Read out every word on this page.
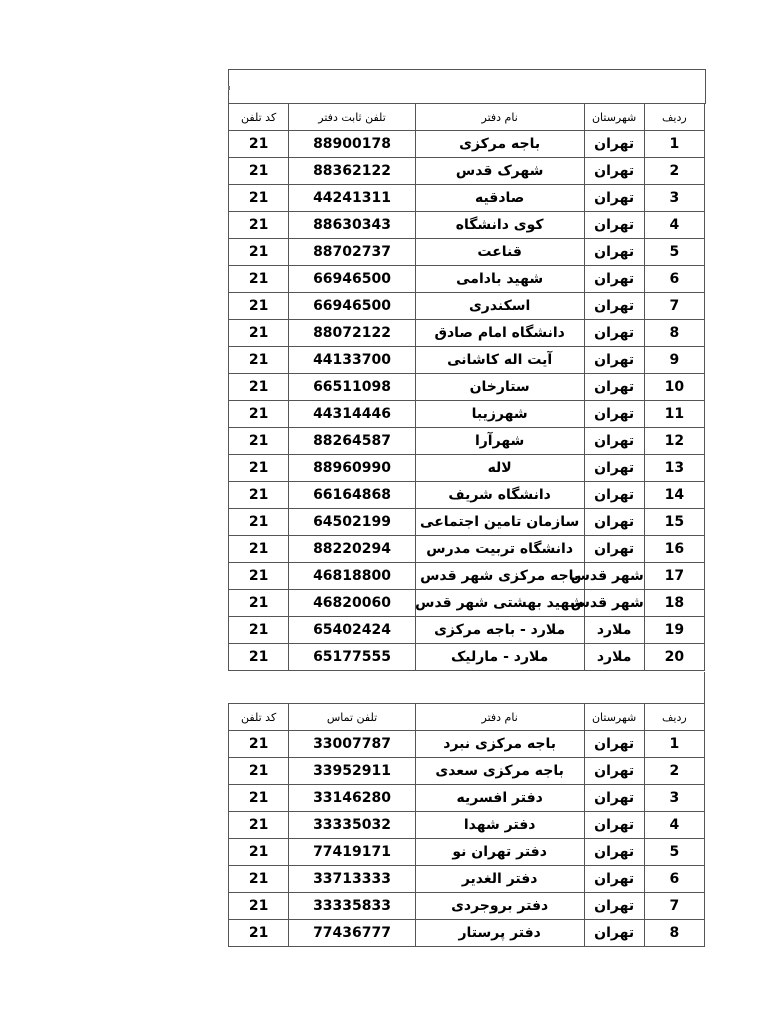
ردیف	شهرستان	نام دفتر	تلفن ثابت دفتر	کد تلفن
1	تهران	باجه مرکزی	88900178	21
2	تهران	شهرک قدس	88362122	21
3	تهران	صادقیه	44241311	21
4	تهران	کوی دانشگاه	88630343	21
5	تهران	قناعت	88702737	21
6	تهران	شهید بادامی	66946500	21
7	تهران	اسکندری	66946500	21
8	تهران	دانشگاه امام صادق	88072122	21
9	تهران	آیت اله کاشانی	44133700	21
10	تهران	ستارخان	66511098	21
11	تهران	شهرزیبا	44314446	21
12	تهران	شهرآرا	88264587	21
13	تهران	لاله	88960990	21
14	تهران	دانشگاه شریف	66164868	21
15	تهران	سازمان تامین اجتماعی	64502199	21
16	تهران	دانشگاه تربیت مدرس	88220294	21
17	شهر قدس	باجه مرکزی شهر قدس	46818800	21
18	شهر قدس	شهید بهشتی شهر قدس	46820060	21
19	ملارد	ملارد - باجه مرکزی	65402424	21
20	ملارد	ملارد - مارلیک	65177555	21
ردیف	شهرستان	نام دفتر	تلفن تماس	کد تلفن
1	تهران	باجه مرکزی نبرد	33007787	21
2	تهران	باجه مرکزی سعدی	33952911	21
3	تهران	دفتر افسریه	33146280	21
4	تهران	دفتر شهدا	33335032	21
5	تهران	دفتر تهران نو	77419171	21
6	تهران	دفتر الغدیر	33713333	21
7	تهران	دفتر بروجردی	33335833	21
8	تهران	دفتر پرستار	77436777	21
